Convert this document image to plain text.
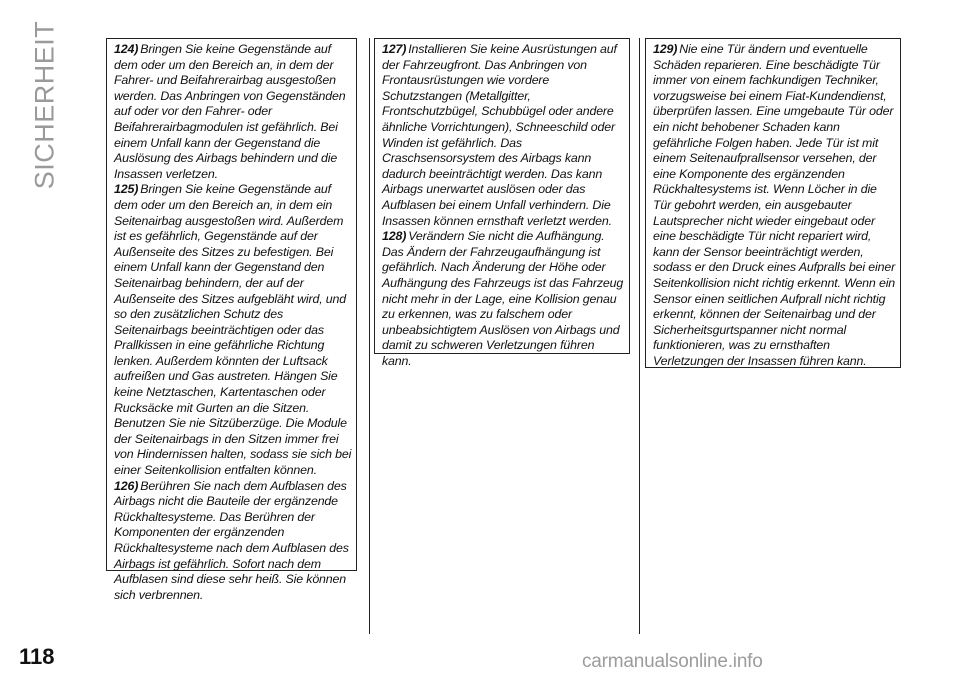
SICHERHEIT	124) Bringen Sie keine Gegenstände auf dem oder um den Bereich an, in dem der Fahrer- und Beifahrerairbag ausgestoßen werden. Das Anbringen von Gegenständen auf oder vor den Fahrer- oder Beifahrerairbagmodulen ist gefährlich. Bei einem Unfall kann der Gegenstand die Auslösung des Airbags behindern und die Insassen verletzen.

125) Bringen Sie keine Gegenstände auf dem oder um den Bereich an, in dem ein Seitenairbag ausgestoßen wird. Außerdem ist es gefährlich, Gegenstände auf der Außenseite des Sitzes zu befestigen. Bei einem Unfall kann der Gegenstand den Seitenairbag behindern, der auf der Außenseite des Sitzes aufgebläht wird, und so den zusätzlichen Schutz des Seitenairbags beeinträchtigen oder das Prallkissen in eine gefährliche Richtung lenken. Außerdem könnten der Luftsack aufreißen und Gas austreten. Hängen Sie keine Netztaschen, Kartentaschen oder Rucksäcke mit Gurten an die Sitzen. Benutzen Sie nie Sitzüberzüge. Die Module der Seitenairbags in den Sitzen immer frei von Hindernissen halten, sodass sie sich bei einer Seitenkollision entfalten können.

126) Berühren Sie nach dem Aufblasen des Airbags nicht die Bauteile der ergänzende Rückhaltesysteme. Das Berühren der Komponenten der ergänzenden Rückhaltesysteme nach dem Aufblasen des Airbags ist gefährlich. Sofort nach dem Aufblasen sind diese sehr heiß. Sie können sich verbrennen.

127) Installieren Sie keine Ausrüstungen auf der Fahrzeugfront. Das Anbringen von Frontausrüstungen wie vordere Schutzstangen (Metallgitter, Frontschutzbügel, Schubbügel oder andere ähnliche Vorrichtungen), Schneeschild oder Winden ist gefährlich. Das Craschsensorsystem des Airbags kann dadurch beeinträchtigt werden. Das kann Airbags unerwartet auslösen oder das Aufblasen bei einem Unfall verhindern. Die Insassen können ernsthaft verletzt werden.

128) Verändern Sie nicht die Aufhängung. Das Ändern der Fahrzeugaufhängung ist gefährlich. Nach Änderung der Höhe oder Aufhängung des Fahrzeugs ist das Fahrzeug nicht mehr in der Lage, eine Kollision genau zu erkennen, was zu falschem oder unbeabsichtigtem Auslösen von Airbags und damit zu schweren Verletzungen führen kann.

129) Nie eine Tür ändern und eventuelle Schäden reparieren. Eine beschädigte Tür immer von einem fachkundigen Techniker, vorzugsweise bei einem Fiat-Kundendienst, überprüfen lassen. Eine umgebaute Tür oder ein nicht behobener Schaden kann gefährliche Folgen haben. Jede Tür ist mit einem Seitenaufprallsensor versehen, der eine Komponente des ergänzenden Rückhaltesystems ist. Wenn Löcher in die Tür gebohrt werden, ein ausgebauter Lautsprecher nicht wieder eingebaut oder eine beschädigte Tür nicht repariert wird, kann der Sensor beeinträchtigt werden, sodass er den Druck eines Aufpralls bei einer Seitenkollision nicht richtig erkennt. Wenn ein Sensor einen seitlichen Aufprall nicht richtig erkennt, können der Seitenairbag und der Sicherheitsgurtspanner nicht normal funktionieren, was zu ernsthaften Verletzungen der Insassen führen kann.

118	carmanualsonline.info
